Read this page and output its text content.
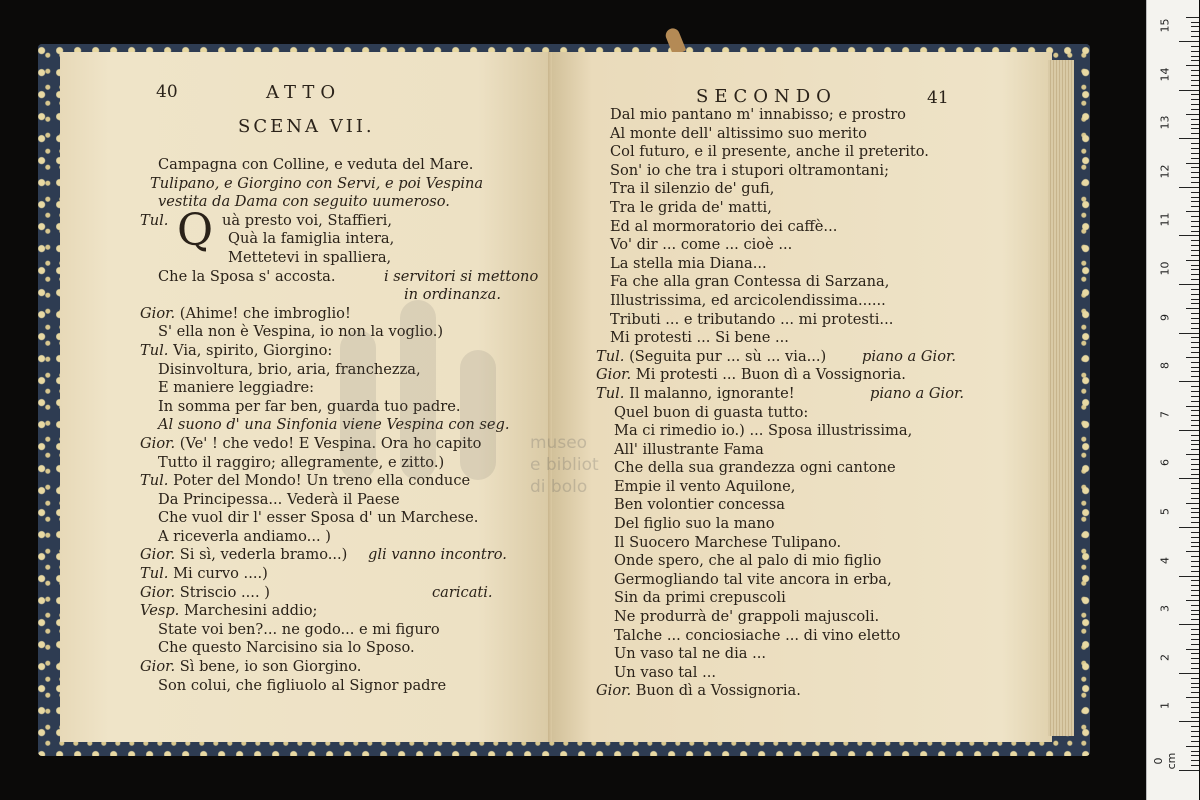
40	ATTO
SCENA VII.
Campagna con Colline, e veduta del Mare.
Tulipano, e Giorgino con Servi, e poi Vespina
vestita da Dama con seguito uumeroso.
Tul.	uà presto voi, Staffieri,
Q	Quà la famiglia intera,
Mettetevi in spalliera,
Che la Sposa s' accosta.	i servitori si mettono
in ordinanza.
Gior. (Ahime! che imbroglio!
S' ella non è Vespina, io non la voglio.)
Tul. Via, spirito, Giorgino:
Disinvoltura, brio, aria, franchezza,
E maniere leggiadre:
In somma per far ben, guarda tuo padre.
Al suono d' una Sinfonia viene Vespina con seg.
Gior. (Ve' ! che vedo! E Vespina. Ora ho capito
Tutto il raggiro; allegramente, e zitto.)
Tul. Poter del Mondo! Un treno ella conduce
Da Principessa... Vederà il Paese
Che vuol dir l' esser Sposa d' un Marchese.
A riceverla andiamo... )
Gior. Si sì, vederla bramo...) gli vanno incontro.
Tul. Mi curvo ....)
Gior. Striscio .... )	caricati.
Vesp. Marchesini addio;
State voi ben?... ne godo... e mi figuro
Che questo Narcisino sia lo Sposo.
Gior. Sì bene, io son Giorgino.
Son colui, che figliuolo al Signor padre
SECONDO	41
Dal mio pantano m' innabisso; e prostro
Al monte dell' altissimo suo merito
Col futuro, e il presente, anche il preterito.
Son' io che tra i stupori oltramontani;
Tra il silenzio de' gufi,
Tra le grida de' matti,
Ed al mormoratorio dei caffè...
Vo' dir ... come ... cioè ...
La stella mia Diana...
Fa che alla gran Contessa di Sarzana,
Illustrissima, ed arcicolendissima......
Tributi ... e tributando ... mi protesti...
Mi protesti ... Si bene ...
Tul. (Seguita pur ... sù ... via...) piano a Gior.
Gior. Mi protesti ... Buon dì a Vossignoria.
Tul. Il malanno, ignorante!	piano a Gior.
Quel buon di guasta tutto:
Ma ci rimedio io.) ... Sposa illustrissima,
All' illustrante Fama
Che della sua grandezza ogni cantone
Empie il vento Aquilone,
Ben volontier concessa
Del figlio suo la mano
Il Suocero Marchese Tulipano.
Onde spero, che al palo di mio figlio
Germogliando tal vite ancora in erba,
Sin da primi crepuscoli
Ne produrrà de' grappoli majuscoli.
Talche ... conciosiache ... di vino eletto
Un vaso tal ne dia ...
Un vaso tal ...
Gior. Buon dì a Vossignoria.
museo
e bibliot
di bolo
0 cm
1
2
3
4
5
6
7
8
9
10
11
12
13
14
15
